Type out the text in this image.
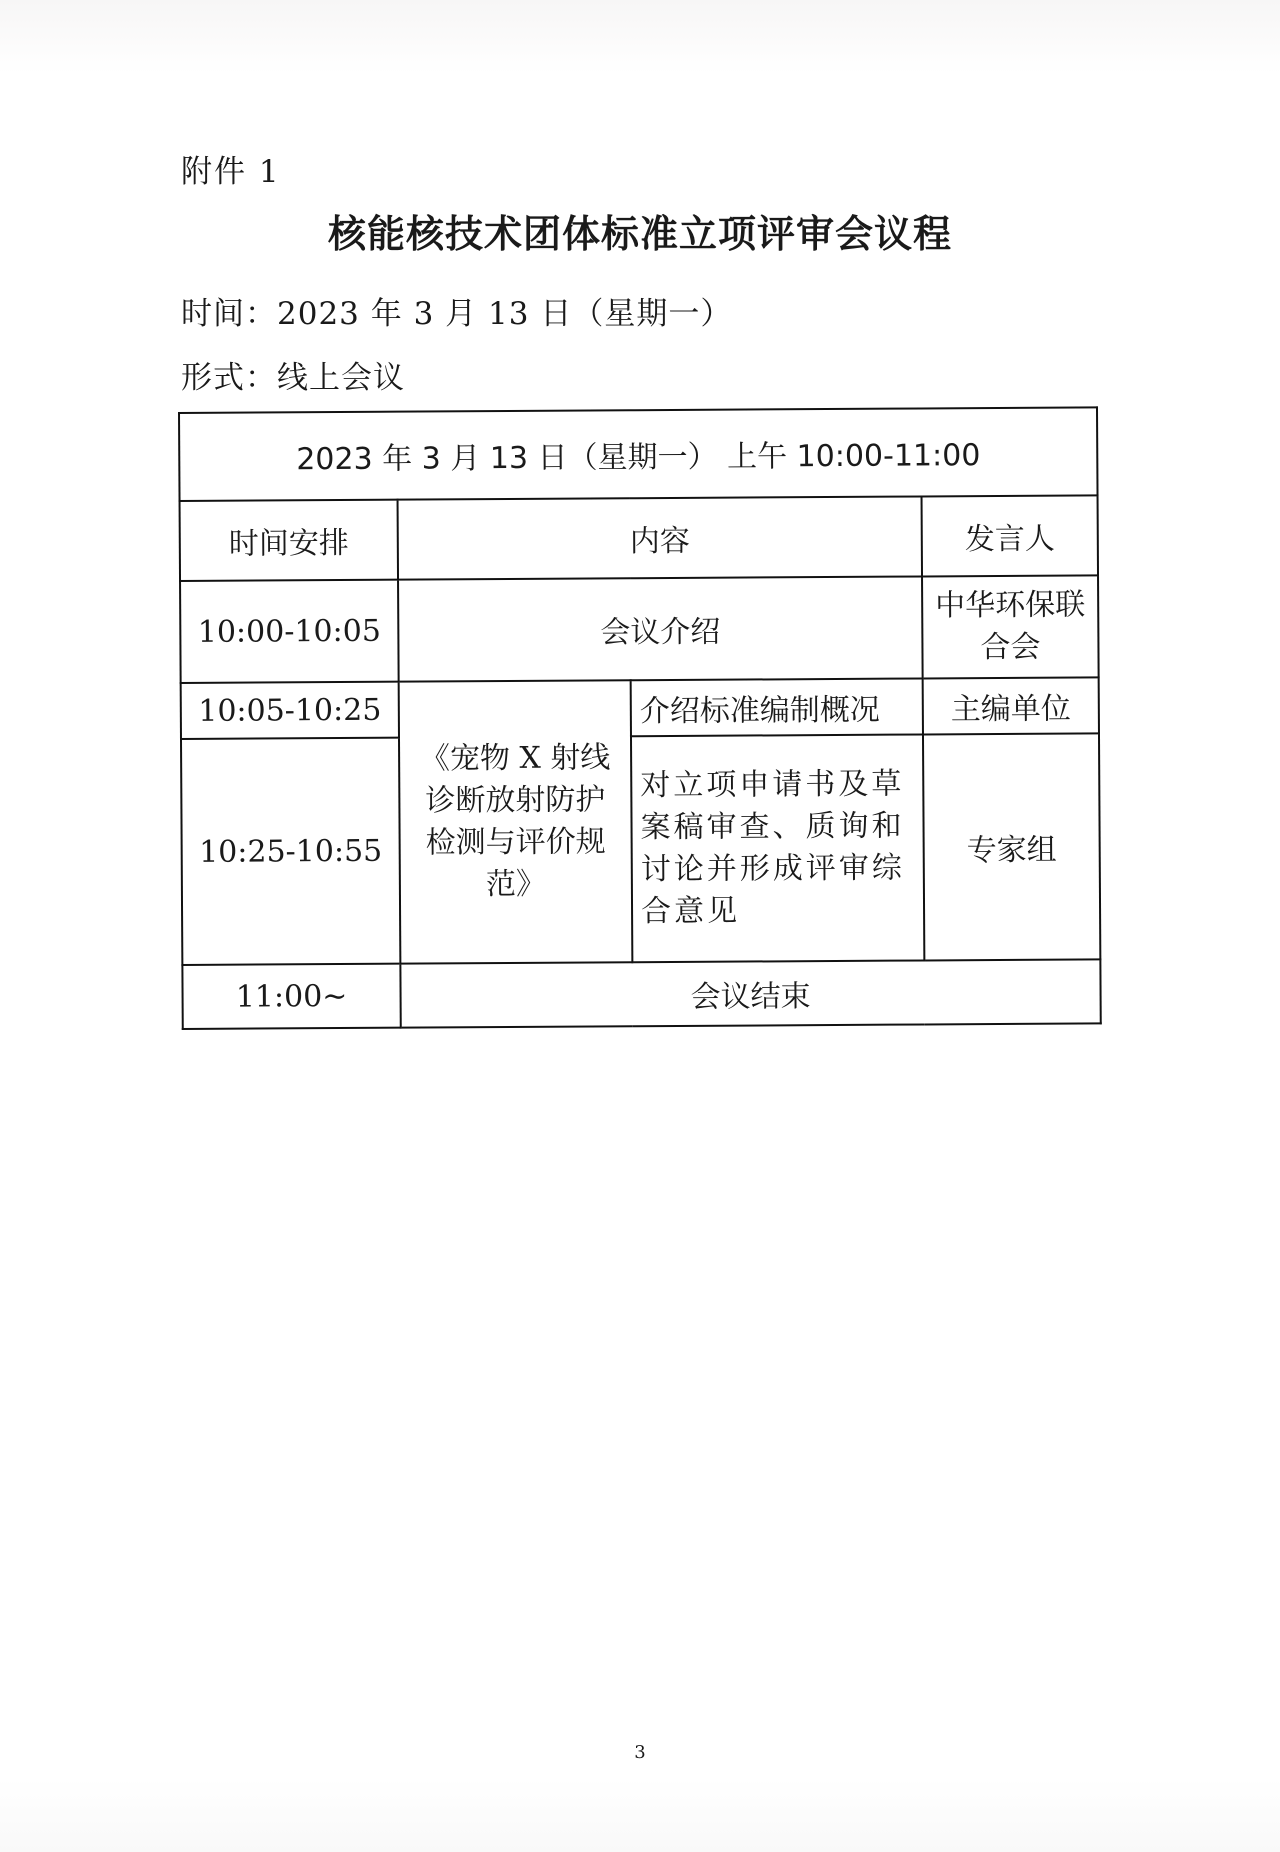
附件 1
核能核技术团体标准立项评审会议程
时间：2023 年 3 月 13 日（星期一）
形式：线上会议
2023 年 3 月 13 日（星期一） 上午 10:00-11:00			
时间安排	内容		发言人
10:00-10:05	会议介绍		中华环保联合会
10:05-10:25	《宠物 X 射线诊断放射防护检测与评价规范》	介绍标准编制概况	主编单位
10:25-10:55		对立项申请书及草案稿审查、质询和讨论并形成评审综合意见	专家组
11:00~	会议结束		
3
